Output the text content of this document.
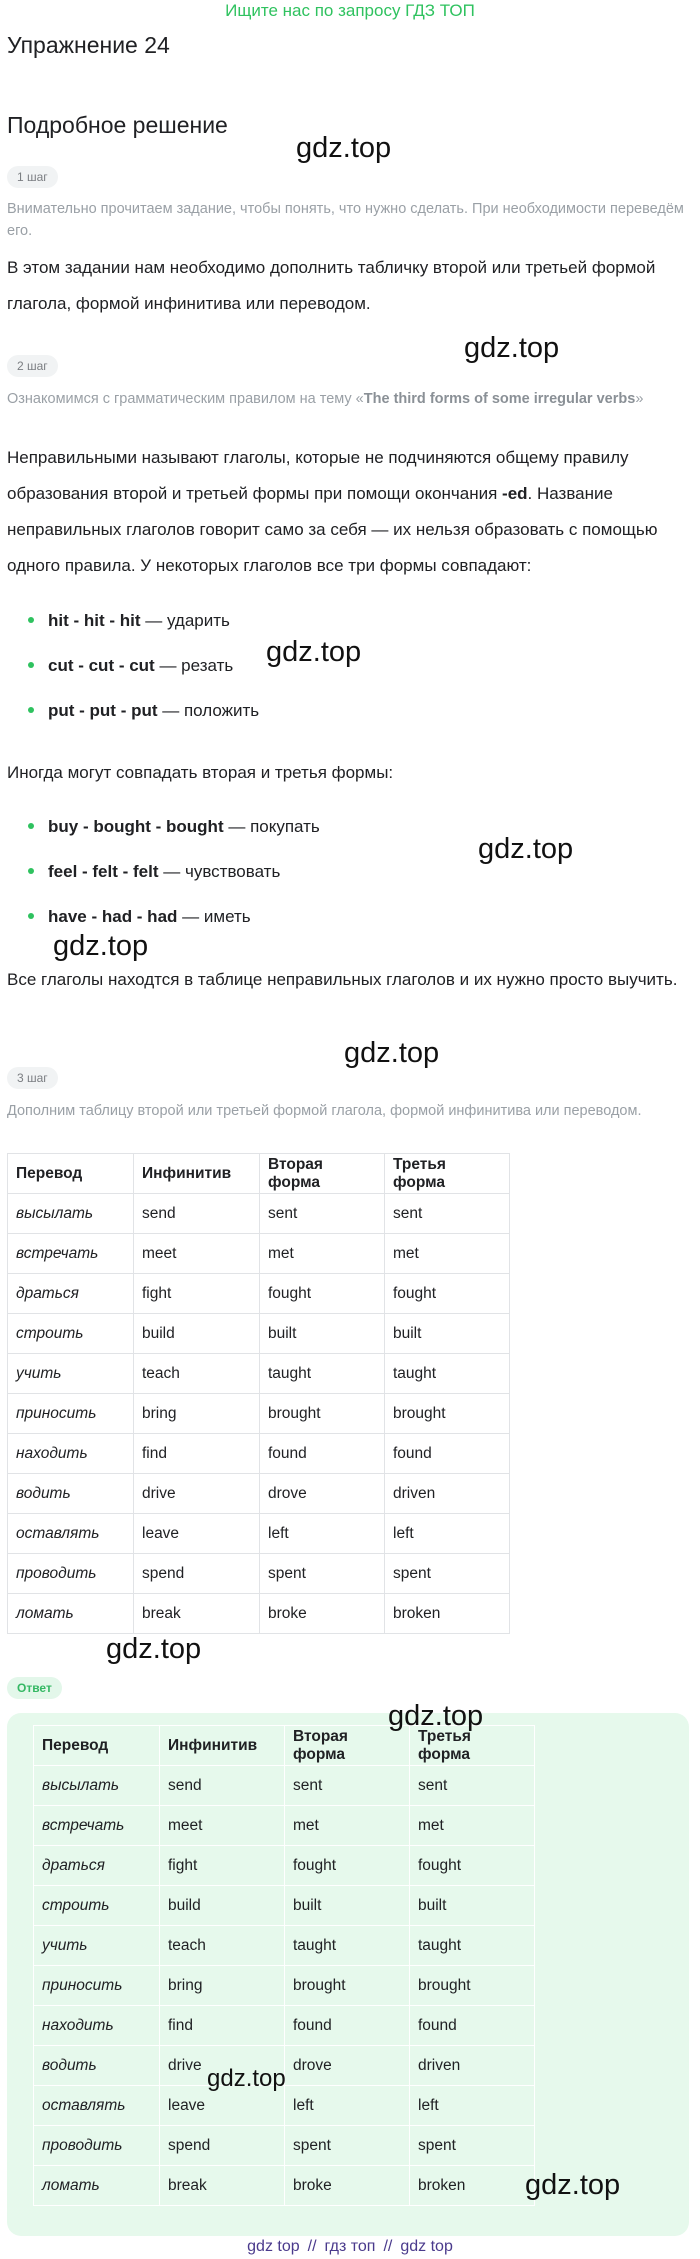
Ищите нас по запросу ГДЗ ТОП
Упражнение 24
Подробное решение
1 шаг

Внимательно прочитаем задание, чтобы понять, что нужно сделать. При необходимости переведём его.

В этом задании нам необходимо дополнить табличку второй или третьей формой глагола, формой инфинитива или переводом.

2 шаг

Ознакомимся с грамматическим правилом на тему «The third forms of some irregular verbs»

Неправильными называют глаголы, которые не подчиняются общему правилу образования второй и третьей формы при помощи окончания -ed. Название неправильных глаголов говорит само за себя — их нельзя образовать с помощью одного правила. У некоторых глаголов все три формы совпадают:

hit - hit - hit — ударить
cut - cut - cut — резать
put - put - put — положить

Иногда могут совпадать вторая и третья формы:

buy - bought - bought — покупать
feel - felt - felt — чувствовать
have - had - had — иметь

Все глаголы находтся в таблице неправильных глаголов и их нужно просто выучить.

3 шаг

Дополним таблицу второй или третьей формой глагола, формой инфинитива или переводом.

Перевод	Инфинитив	Вторая форма	Третья форма
высылать	send	sent	sent
встречать	meet	met	met
драться	fight	fought	fought
строить	build	built	built
учить	teach	taught	taught
приносить	bring	brought	brought
находить	find	found	found
водить	drive	drove	driven
оставлять	leave	left	left
проводить	spend	spent	spent
ломать	break	broke	broken
Ответ
Перевод	Инфинитив	Вторая форма	Третья форма
высылать	send	sent	sent
встречать	meet	met	met
драться	fight	fought	fought
строить	build	built	built
учить	teach	taught	taught
приносить	bring	brought	brought
находить	find	found	found
водить	drive	drove	driven
оставлять	leave	left	left
проводить	spend	spent	spent
ломать	break	broke	broken
gdz.top
gdz.top
gdz.top
gdz.top
gdz.top
gdz.top
gdz.top
gdz.top
gdz.top
gdz.top
gdz top // гдз топ // gdz top
